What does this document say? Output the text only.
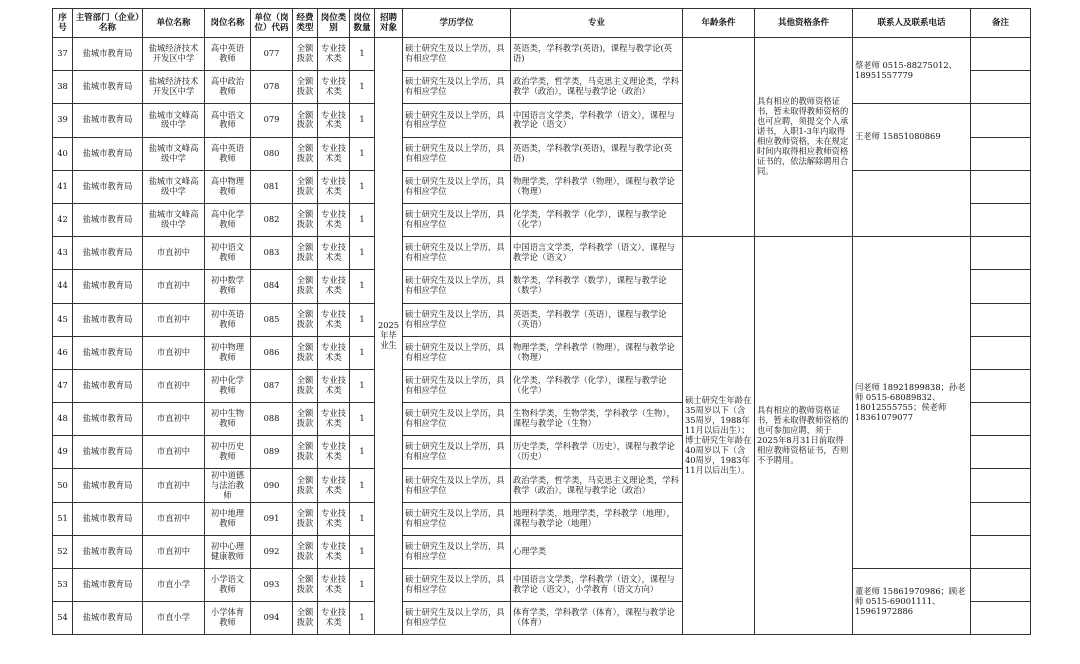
序号	主管部门（企业）名称	单位名称	岗位名称	单位（岗位）代码	经费类型	岗位类别	岗位数量	招聘对象	学历学位	专业	年龄条件	其他资格条件	联系人及联系电话	备注
37	盐城市教育局	盐城经济技术开发区中学	高中英语教师	077	全额拨款	专业技术类	1	2025年毕业生	硕士研究生及以上学历，具有相应学位	英语类，学科教学(英语)，课程与教学论(英语)		具有相应的教师资格证书，暂未取得教师资格的也可应聘，须提交个人承诺书，入职1-3年内取得相应教师资格，未在规定时间内取得相应教师资格证书的，依法解除聘用合同。	蔡老师 0515-88275012、18951557779	
38	盐城市教育局	盐城经济技术开发区中学	高中政治教师	078	全额拨款	专业技术类	1		硕士研究生及以上学历，具有相应学位	政治学类，哲学类，马克思主义理论类，学科教学（政治），课程与教学论（政治）				
39	盐城市教育局	盐城市文峰高级中学	高中语文教师	079	全额拨款	专业技术类	1		硕士研究生及以上学历，具有相应学位	中国语言文学类，学科教学（语文），课程与教学论（语文）			王老师 15851080869	
40	盐城市教育局	盐城市文峰高级中学	高中英语教师	080	全额拨款	专业技术类	1		硕士研究生及以上学历，具有相应学位	英语类，学科教学(英语)，课程与教学论(英语)				
41	盐城市教育局	盐城市文峰高级中学	高中物理教师	081	全额拨款	专业技术类	1		硕士研究生及以上学历，具有相应学位	物理学类，学科教学（物理），课程与教学论（物理）				
42	盐城市教育局	盐城市文峰高级中学	高中化学教师	082	全额拨款	专业技术类	1		硕士研究生及以上学历，具有相应学位	化学类，学科教学（化学），课程与教学论（化学）				
43	盐城市教育局	市直初中	初中语文教师	083	全额拨款	专业技术类	1		硕士研究生及以上学历，具有相应学位	中国语言文学类，学科教学（语文），课程与教学论（语文）	硕士研究生年龄在35周岁以下（含35周岁，1988年11月以后出生）；博士研究生年龄在40周岁以下（含40周岁，1983年11月以后出生）。	具有相应的教师资格证书，暂未取得教师资格的也可参加应聘，须于2025年8月31日前取得相应教师资格证书，否则不予聘用。	闫老师 18921899838；孙老师 0515-68089832、18012555755；侯老师 18361079077	
44	盐城市教育局	市直初中	初中数学教师	084	全额拨款	专业技术类	1		硕士研究生及以上学历，具有相应学位	数学类，学科教学（数学），课程与教学论（数学）				
45	盐城市教育局	市直初中	初中英语教师	085	全额拨款	专业技术类	1		硕士研究生及以上学历，具有相应学位	英语类，学科教学（英语），课程与教学论（英语）				
46	盐城市教育局	市直初中	初中物理教师	086	全额拨款	专业技术类	1		硕士研究生及以上学历，具有相应学位	物理学类，学科教学（物理），课程与教学论（物理）				
47	盐城市教育局	市直初中	初中化学教师	087	全额拨款	专业技术类	1		硕士研究生及以上学历，具有相应学位	化学类，学科教学（化学），课程与教学论（化学）				
48	盐城市教育局	市直初中	初中生物教师	088	全额拨款	专业技术类	1		硕士研究生及以上学历，具有相应学位	生物科学类，生物学类，学科教学（生物），课程与教学论（生物）				
49	盐城市教育局	市直初中	初中历史教师	089	全额拨款	专业技术类	1		硕士研究生及以上学历，具有相应学位	历史学类，学科教学（历史），课程与教学论（历史）				
50	盐城市教育局	市直初中	初中道德与法治教师	090	全额拨款	专业技术类	1		硕士研究生及以上学历，具有相应学位	政治学类，哲学类，马克思主义理论类，学科教学（政治），课程与教学论（政治）				
51	盐城市教育局	市直初中	初中地理教师	091	全额拨款	专业技术类	1		硕士研究生及以上学历，具有相应学位	地理科学类，地理学类，学科教学（地理），课程与教学论（地理）				
52	盐城市教育局	市直初中	初中心理健康教师	092	全额拨款	专业技术类	1		硕士研究生及以上学历，具有相应学位	心理学类				
53	盐城市教育局	市直小学	小学语文教师	093	全额拨款	专业技术类	1		硕士研究生及以上学历，具有相应学位	中国语言文学类，学科教学（语文），课程与教学论（语文），小学教育（语文方向）			董老师 15861970986；顾老师 0515-69001111、15961972886	
54	盐城市教育局	市直小学	小学体育教师	094	全额拨款	专业技术类	1		硕士研究生及以上学历，具有相应学位	体育学类，学科教学（体育），课程与教学论（体育）				
